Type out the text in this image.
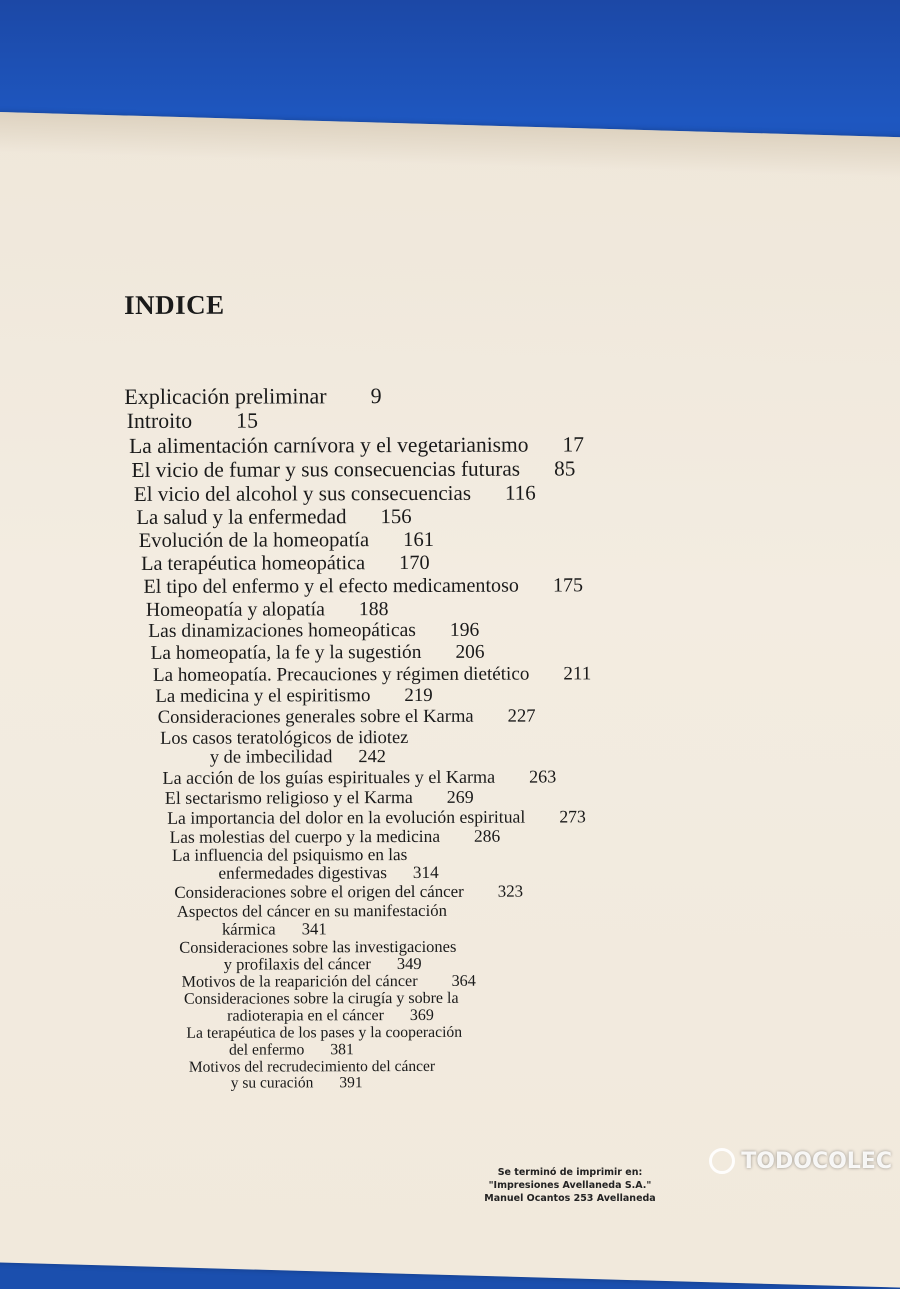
INDICE
Explicación preliminar 9
Introito 15
La alimentación carnívora y el vegetarianismo 17
El vicio de fumar y sus consecuencias futuras 85
El vicio del alcohol y sus consecuencias 116
La salud y la enfermedad 156
Evolución de la homeopatía 161
La terapéutica homeopática 170
El tipo del enfermo y el efecto medicamentoso 175
Homeopatía y alopatía 188
Las dinamizaciones homeopáticas 196
La homeopatía, la fe y la sugestión 206
La homeopatía. Precauciones y régimen dietético 211
La medicina y el espiritismo 219
Consideraciones generales sobre el Karma 227
Los casos teratológicos de idiotez
y de imbecilidad 242
La acción de los guías espirituales y el Karma 263
El sectarismo religioso y el Karma 269
La importancia del dolor en la evolución espiritual 273
Las molestias del cuerpo y la medicina 286
La influencia del psiquismo en las
enfermedades digestivas 314
Consideraciones sobre el origen del cáncer 323
Aspectos del cáncer en su manifestación
kármica 341
Consideraciones sobre las investigaciones
y profilaxis del cáncer 349
Motivos de la reaparición del cáncer 364
Consideraciones sobre la cirugía y sobre la
radioterapia en el cáncer 369
La terapéutica de los pases y la cooperación
del enfermo 381
Motivos del recrudecimiento del cáncer
y su curación 391
Se terminó de imprimir en:
"Impresiones Avellaneda S.A."
Manuel Ocantos 253 Avellaneda
TODOCOLEC
